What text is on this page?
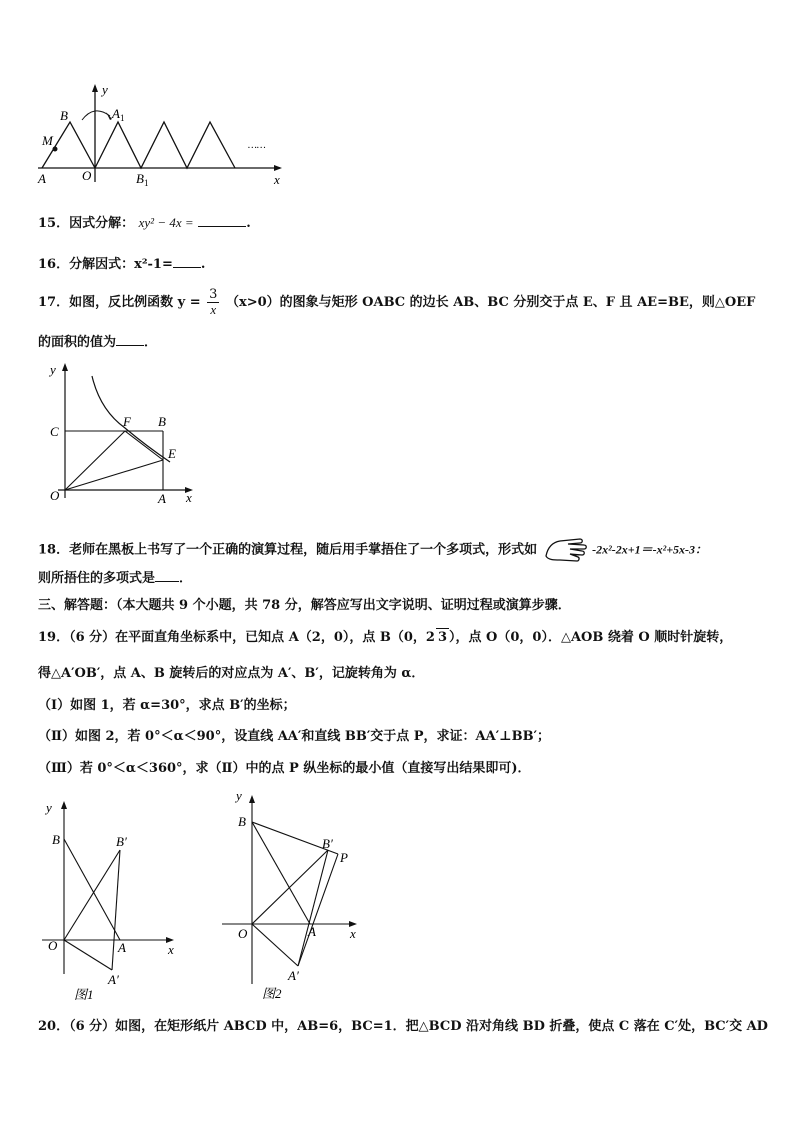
y
B	$A_1$
M
A	O	$B_1$
……
x
15．因式分解： xy² − 4x =	.
16．分解因式：x²-1= .
17．如图，反比例函数 $y = \frac{3}{x} (x>0)$的图象与矩形 OABC 的边长 AB、BC 分别交于点 E、F 且 AE=BE，则△OEF
的面积的值为 ．
y
C
F B
E
O	A x
18．老师在黑板上书写了一个正确的演算过程，随后用手掌捂住了一个多项式，形式如	-2x²-2x+1＝-x²+5x-3：
则所捂住的多项式是 ．
三、解答题：（本大题共 9 个小题，共 78 分，解答应写出文字说明、证明过程或演算步骤．
19．（6 分）在平面直角坐标系中，已知点 A（2，0），点 B（0，2 3 ），点 O（0，0）．△AOB 绕着 O 顺时针旋转，
得△A′OB′，点 A、B 旋转后的对应点为 A′、B′，记旋转角为 α．
（I）如图 1，若 α=30°，求点 B′的坐标；
（Ⅱ）如图 2，若 0°＜α＜90°，设直线 AA′和直线 BB′交于点 P，求证：AA′⊥BB′；
（Ⅲ）若 0°＜α＜360°，求（Ⅱ）中的点 P 纵坐标的最小值（直接写出结果即可)．
y
B	B′
O	A
A′
x
图1
y
B
B′
P
O	A
A′
x
图2
20．（6 分）如图，在矩形纸片 ABCD 中，AB=6，BC=1．把△BCD 沿对角线 BD 折叠，使点 C 落在 C′处，BC′交 AD
